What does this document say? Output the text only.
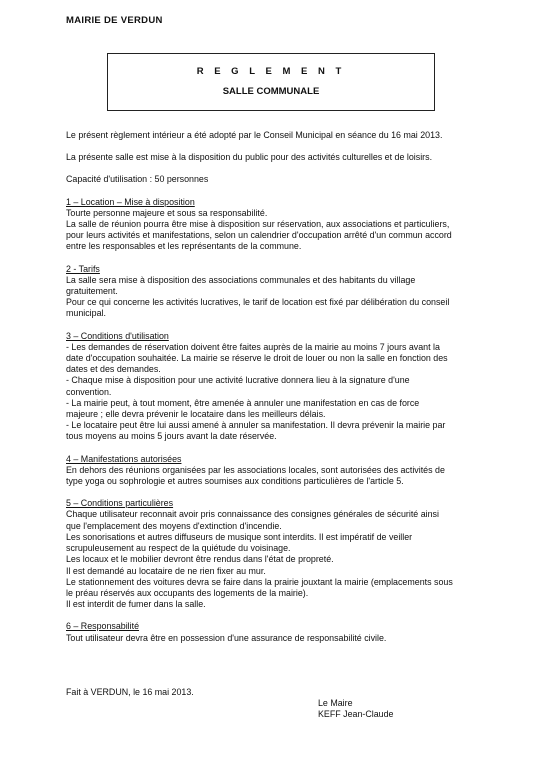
MAIRIE DE VERDUN
R E G L E M E N T
SALLE COMMUNALE

Le présent règlement intérieur a été adopté par le Conseil Municipal en séance du 16 mai 2013.

La présente salle est mise à la disposition du public pour des activités culturelles et de loisirs.

Capacité d'utilisation : 50 personnes

1 – Location – Mise à disposition
Tourte personne majeure et sous sa responsabilité.
La salle de réunion pourra être mise à disposition sur réservation, aux associations et particuliers,
pour leurs activités et manifestations, selon un calendrier d'occupation arrêté d'un commun accord
entre les responsables et les représentants de la commune.
2 - Tarifs
La salle sera mise à disposition des associations communales et des habitants du village
gratuitement.
Pour ce qui concerne les activités lucratives, le tarif de location est fixé par délibération du conseil
municipal.
3 – Conditions d'utilisation
- Les demandes de réservation doivent être faites auprès de la mairie au moins 7 jours avant la
date d'occupation souhaitée. La mairie se réserve le droit de louer ou non la salle en fonction des
dates et des demandes.
- Chaque mise à disposition pour une activité lucrative donnera lieu à la signature d'une
convention.
- La mairie peut, à tout moment, être amenée à annuler une manifestation en cas de force
majeure ; elle devra prévenir le locataire dans les meilleurs délais.
- Le locataire peut être lui aussi amené à annuler sa manifestation. Il devra prévenir la mairie par
tous moyens au moins 5 jours avant la date réservée.
4 – Manifestations autorisées
En dehors des réunions organisées par les associations locales, sont autorisées des activités de
type yoga ou sophrologie et autres soumises aux conditions particulières de l'article 5.
5 – Conditions particulières
Chaque utilisateur reconnait avoir pris connaissance des consignes générales de sécurité ainsi
que l'emplacement des moyens d'extinction d'incendie.
Les sonorisations et autres diffuseurs de musique sont interdits. Il est impératif de veiller
scrupuleusement au respect de la quiétude du voisinage.
Les locaux et le mobilier devront être rendus dans l'état de propreté.
Il est demandé au locataire de ne rien fixer au mur.
Le stationnement des voitures devra se faire dans la prairie jouxtant la mairie (emplacements sous
le préau réservés aux occupants des logements de la mairie).
Il est interdit de fumer dans la salle.
6 – Responsabilité
Tout utilisateur devra être en possession d'une assurance de responsabilité civile.
Fait à VERDUN, le 16 mai 2013.
Le Maire
KEFF Jean-Claude
